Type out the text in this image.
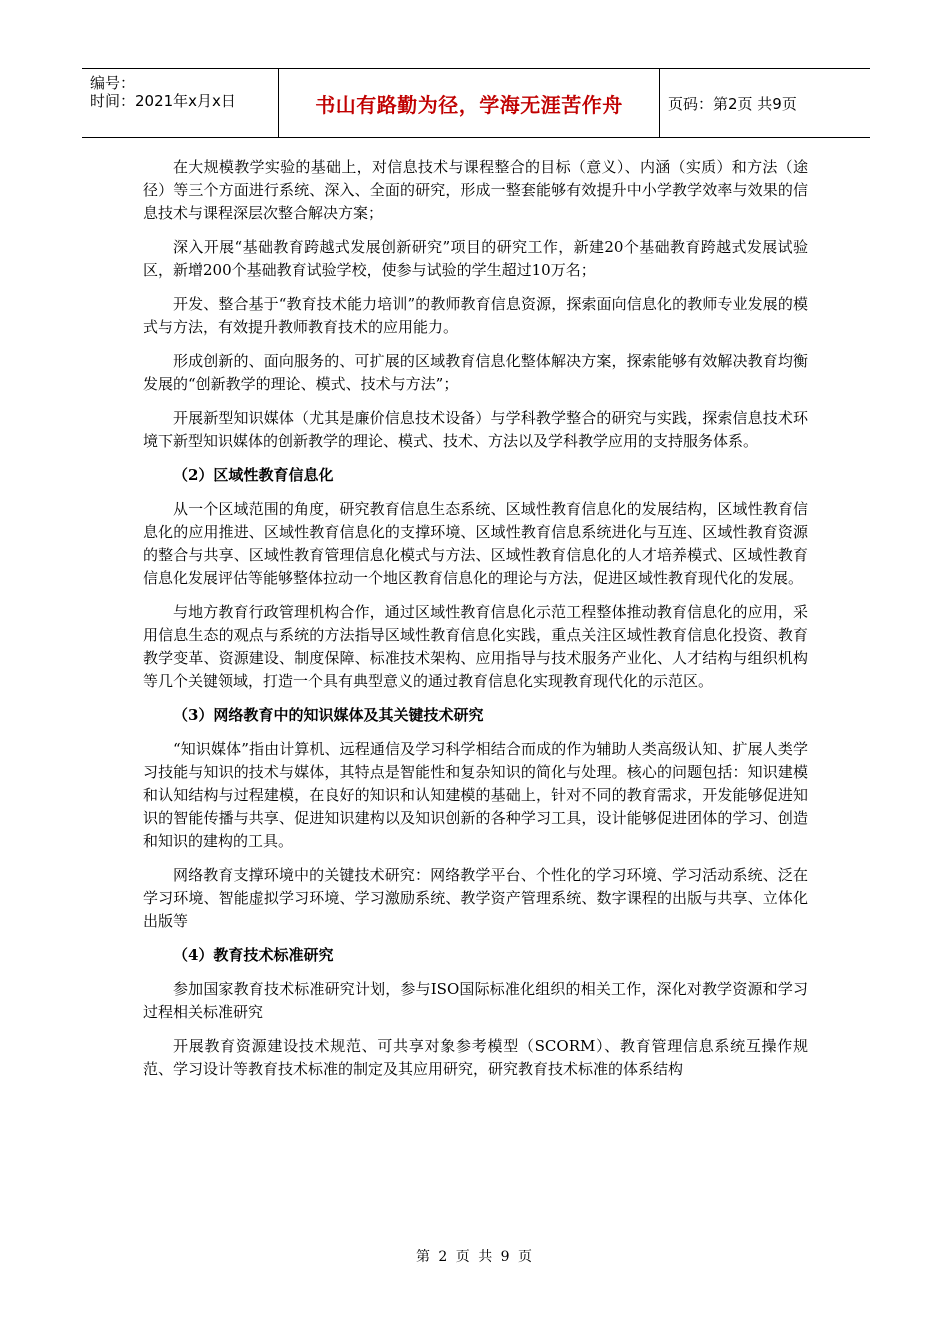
编号：
时间：2021年x月x日	书山有路勤为径，学海无涯苦作舟	页码：第2页 共9页

在大规模教学实验的基础上，对信息技术与课程整合的目标（意义）、内涵（实质）和方法（途径）等三个方面进行系统、深入、全面的研究，形成一整套能够有效提升中小学教学效率与效果的信息技术与课程深层次整合解决方案；

深入开展“基础教育跨越式发展创新研究”项目的研究工作，新建20个基础教育跨越式发展试验区，新增200个基础教育试验学校，使参与试验的学生超过10万名；

开发、整合基于“教育技术能力培训”的教师教育信息资源，探索面向信息化的教师专业发展的模式与方法，有效提升教师教育技术的应用能力。

形成创新的、面向服务的、可扩展的区域教育信息化整体解决方案，探索能够有效解决教育均衡发展的“创新教学的理论、模式、技术与方法”；

开展新型知识媒体（尤其是廉价信息技术设备）与学科教学整合的研究与实践，探索信息技术环境下新型知识媒体的创新教学的理论、模式、技术、方法以及学科教学应用的支持服务体系。

（2）区域性教育信息化

从一个区域范围的角度，研究教育信息生态系统、区域性教育信息化的发展结构，区域性教育信息化的应用推进、区域性教育信息化的支撑环境、区域性教育信息系统进化与互连、区域性教育资源的整合与共享、区域性教育管理信息化模式与方法、区域性教育信息化的人才培养模式、区域性教育信息化发展评估等能够整体拉动一个地区教育信息化的理论与方法，促进区域性教育现代化的发展。

与地方教育行政管理机构合作，通过区域性教育信息化示范工程整体推动教育信息化的应用，采用信息生态的观点与系统的方法指导区域性教育信息化实践，重点关注区域性教育信息化投资、教育教学变革、资源建设、制度保障、标准技术架构、应用指导与技术服务产业化、人才结构与组织机构等几个关键领域，打造一个具有典型意义的通过教育信息化实现教育现代化的示范区。

（3）网络教育中的知识媒体及其关键技术研究

“知识媒体”指由计算机、远程通信及学习科学相结合而成的作为辅助人类高级认知、扩展人类学习技能与知识的技术与媒体，其特点是智能性和复杂知识的简化与处理。核心的问题包括：知识建模和认知结构与过程建模，在良好的知识和认知建模的基础上，针对不同的教育需求，开发能够促进知识的智能传播与共享、促进知识建构以及知识创新的各种学习工具，设计能够促进团体的学习、创造和知识的建构的工具。

网络教育支撑环境中的关键技术研究：网络教学平台、个性化的学习环境、学习活动系统、泛在学习环境、智能虚拟学习环境、学习激励系统、教学资产管理系统、数字课程的出版与共享、立体化出版等

（4）教育技术标准研究

参加国家教育技术标准研究计划，参与ISO国际标准化组织的相关工作，深化对教学资源和学习过程相关标准研究

开展教育资源建设技术规范、可共享对象参考模型（SCORM）、教育管理信息系统互操作规范、学习设计等教育技术标准的制定及其应用研究，研究教育技术标准的体系结构

第 2 页 共 9 页
